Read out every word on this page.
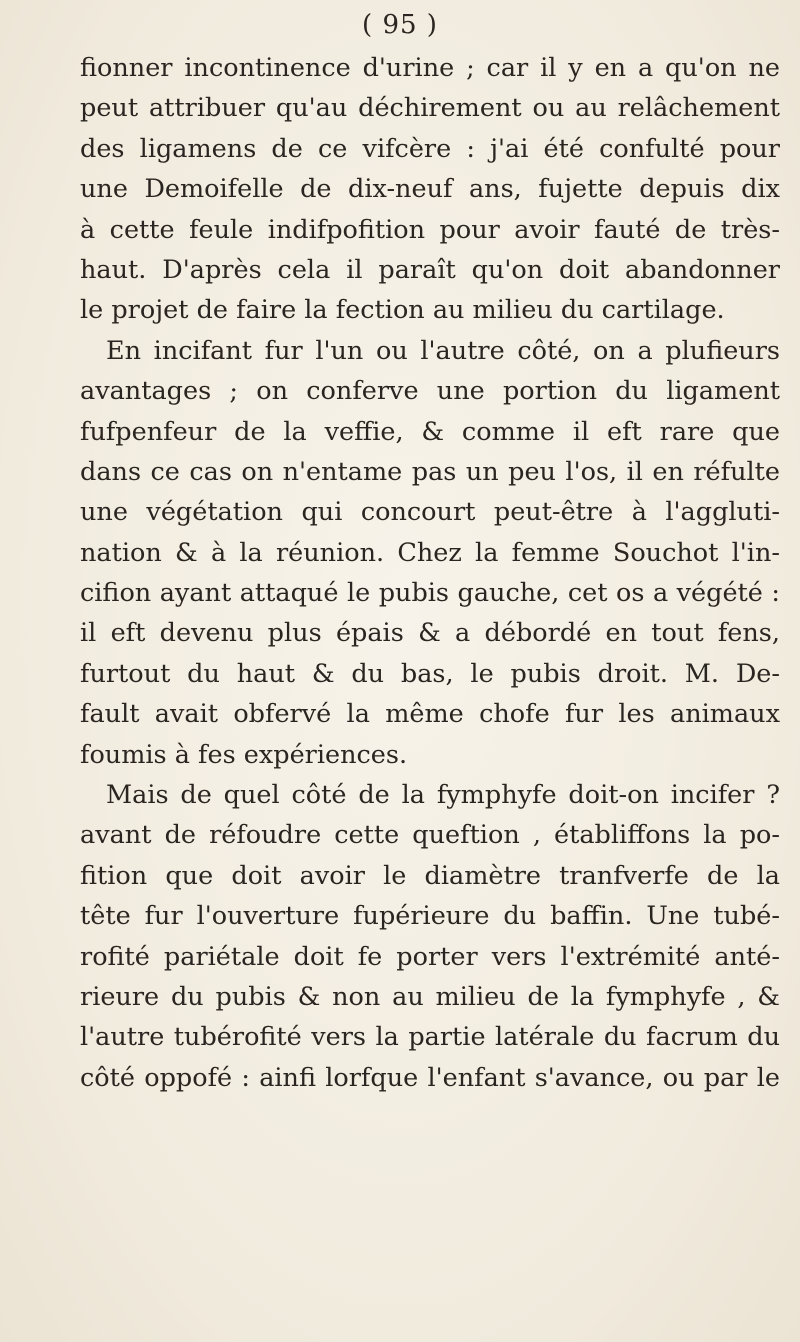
( 95 )
fionner incontinence d'urine ; car il y en a qu'on ne
peut attribuer qu'au déchirement ou au relâchement
des ligamens de ce vifcère : j'ai été confulté pour
une Demoifelle de dix-neuf ans, fujette depuis dix
à cette feule indifpofition pour avoir fauté de très-
haut. D'après cela il paraît qu'on doit abandonner
le projet de faire la fection au milieu du cartilage.
En incifant fur l'un ou l'autre côté, on a plufieurs
avantages ; on conferve une portion du ligament
fufpenfeur de la veffie, & comme il eft rare que
dans ce cas on n'entame pas un peu l'os, il en réfulte
une végétation qui concourt peut-être à l'aggluti-
nation & à la réunion. Chez la femme Souchot l'in-
cifion ayant attaqué le pubis gauche, cet os a végété :
il eft devenu plus épais & a débordé en tout fens,
furtout du haut & du bas, le pubis droit. M. De-
fault avait obfervé la même chofe fur les animaux
foumis à fes expériences.
Mais de quel côté de la fymphyfe doit-on incifer ?
avant de réfoudre cette queftion , établiffons la po-
fition que doit avoir le diamètre tranfverfe de la
tête fur l'ouverture fupérieure du baffin. Une tubé-
rofité pariétale doit fe porter vers l'extrémité anté-
rieure du pubis & non au milieu de la fymphyfe , &
l'autre tubérofité vers la partie latérale du facrum du
côté oppofé : ainfi lorfque l'enfant s'avance, ou par le
